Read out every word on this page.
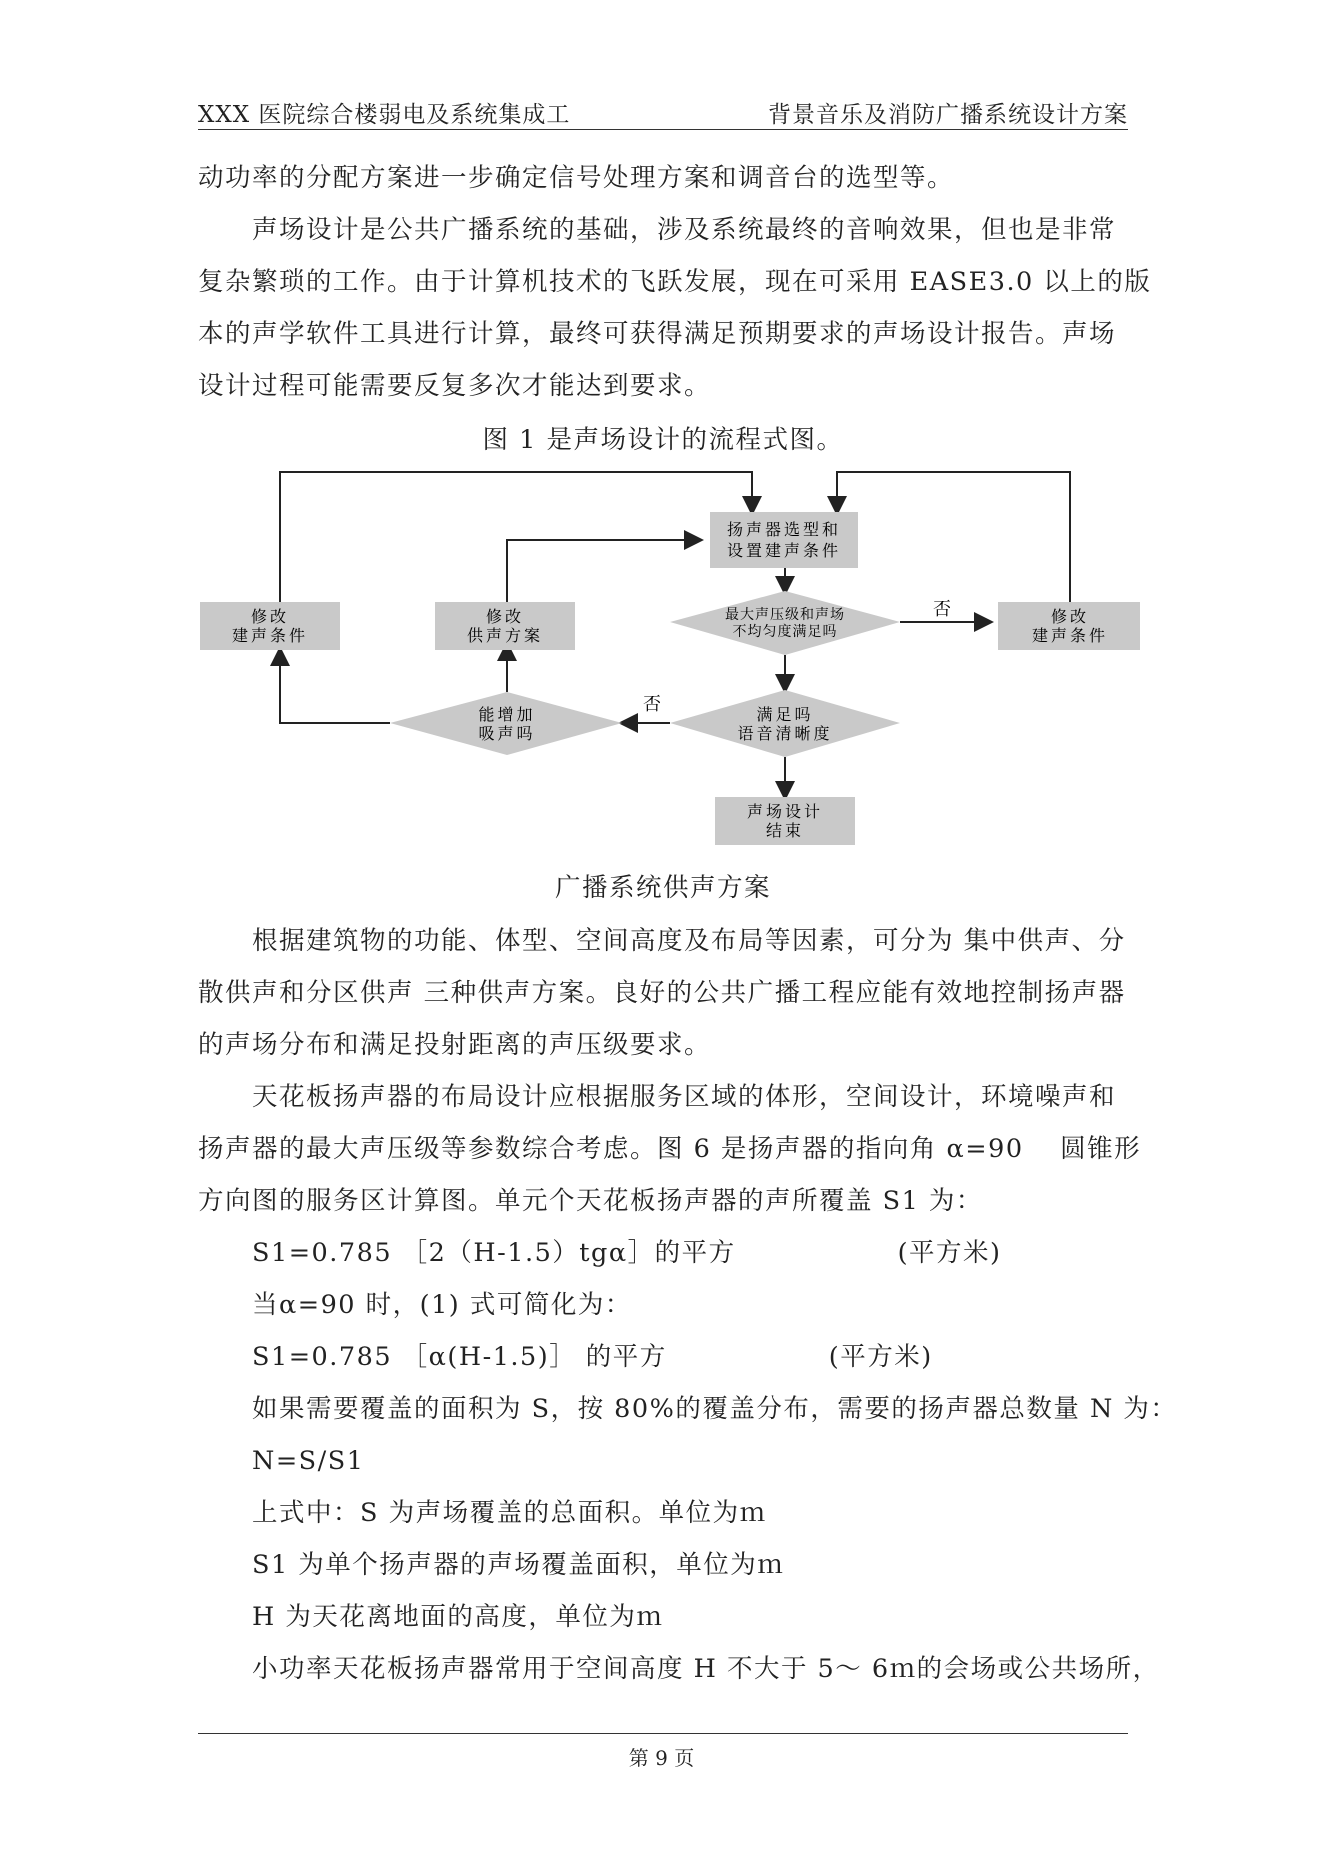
XXX 医院综合楼弱电及系统集成工	背景音乐及消防广播系统设计方案
动功率的分配方案进一步确定信号处理方案和调音台的选型等。
　　声场设计是公共广播系统的基础，涉及系统最终的音响效果，但也是非常
复杂繁琐的工作。由于计算机技术的飞跃发展，现在可采用 EASE3.0 以上的版
本的声学软件工具进行计算，最终可获得满足预期要求的声场设计报告。声场
设计过程可能需要反复多次才能达到要求。
图 1 是声场设计的流程式图。
扬声器选型和
设置建声条件
修改
建声条件
修改
供声方案
修改
建声条件
声场设计
结束
最大声压级和声场
不均匀度满足吗
满足吗
语音清晰度
能增加
吸声吗
否
否
广播系统供声方案
　　根据建筑物的功能、体型、空间高度及布局等因素，可分为 集中供声、分
散供声和分区供声 三种供声方案。良好的公共广播工程应能有效地控制扬声器
的声场分布和满足投射距离的声压级要求。
　　天花板扬声器的布局设计应根据服务区域的体形，空间设计，环境噪声和
扬声器的最大声压级等参数综合考虑。图 6 是扬声器的指向角 α=90　 圆锥形
方向图的服务区计算图。单元个天花板扬声器的声所覆盖 S1 为：
　　S1=0.785 ［2（H-1.5）tgα］的平方　　　　　　(平方米)
　　当α=90 时，(1) 式可简化为：
　　S1=0.785 ［α(H-1.5)］ 的平方　　　　　　(平方米)
　　如果需要覆盖的面积为 S，按 80%的覆盖分布，需要的扬声器总数量 N 为：
　　N=S/S1
　　上式中：S 为声场覆盖的总面积。单位为ｍ
　　S1 为单个扬声器的声场覆盖面积，单位为ｍ
　　H 为天花离地面的高度，单位为ｍ
　　小功率天花板扬声器常用于空间高度 H 不大于 5～ 6ｍ的会场或公共场所，
第 9 页
